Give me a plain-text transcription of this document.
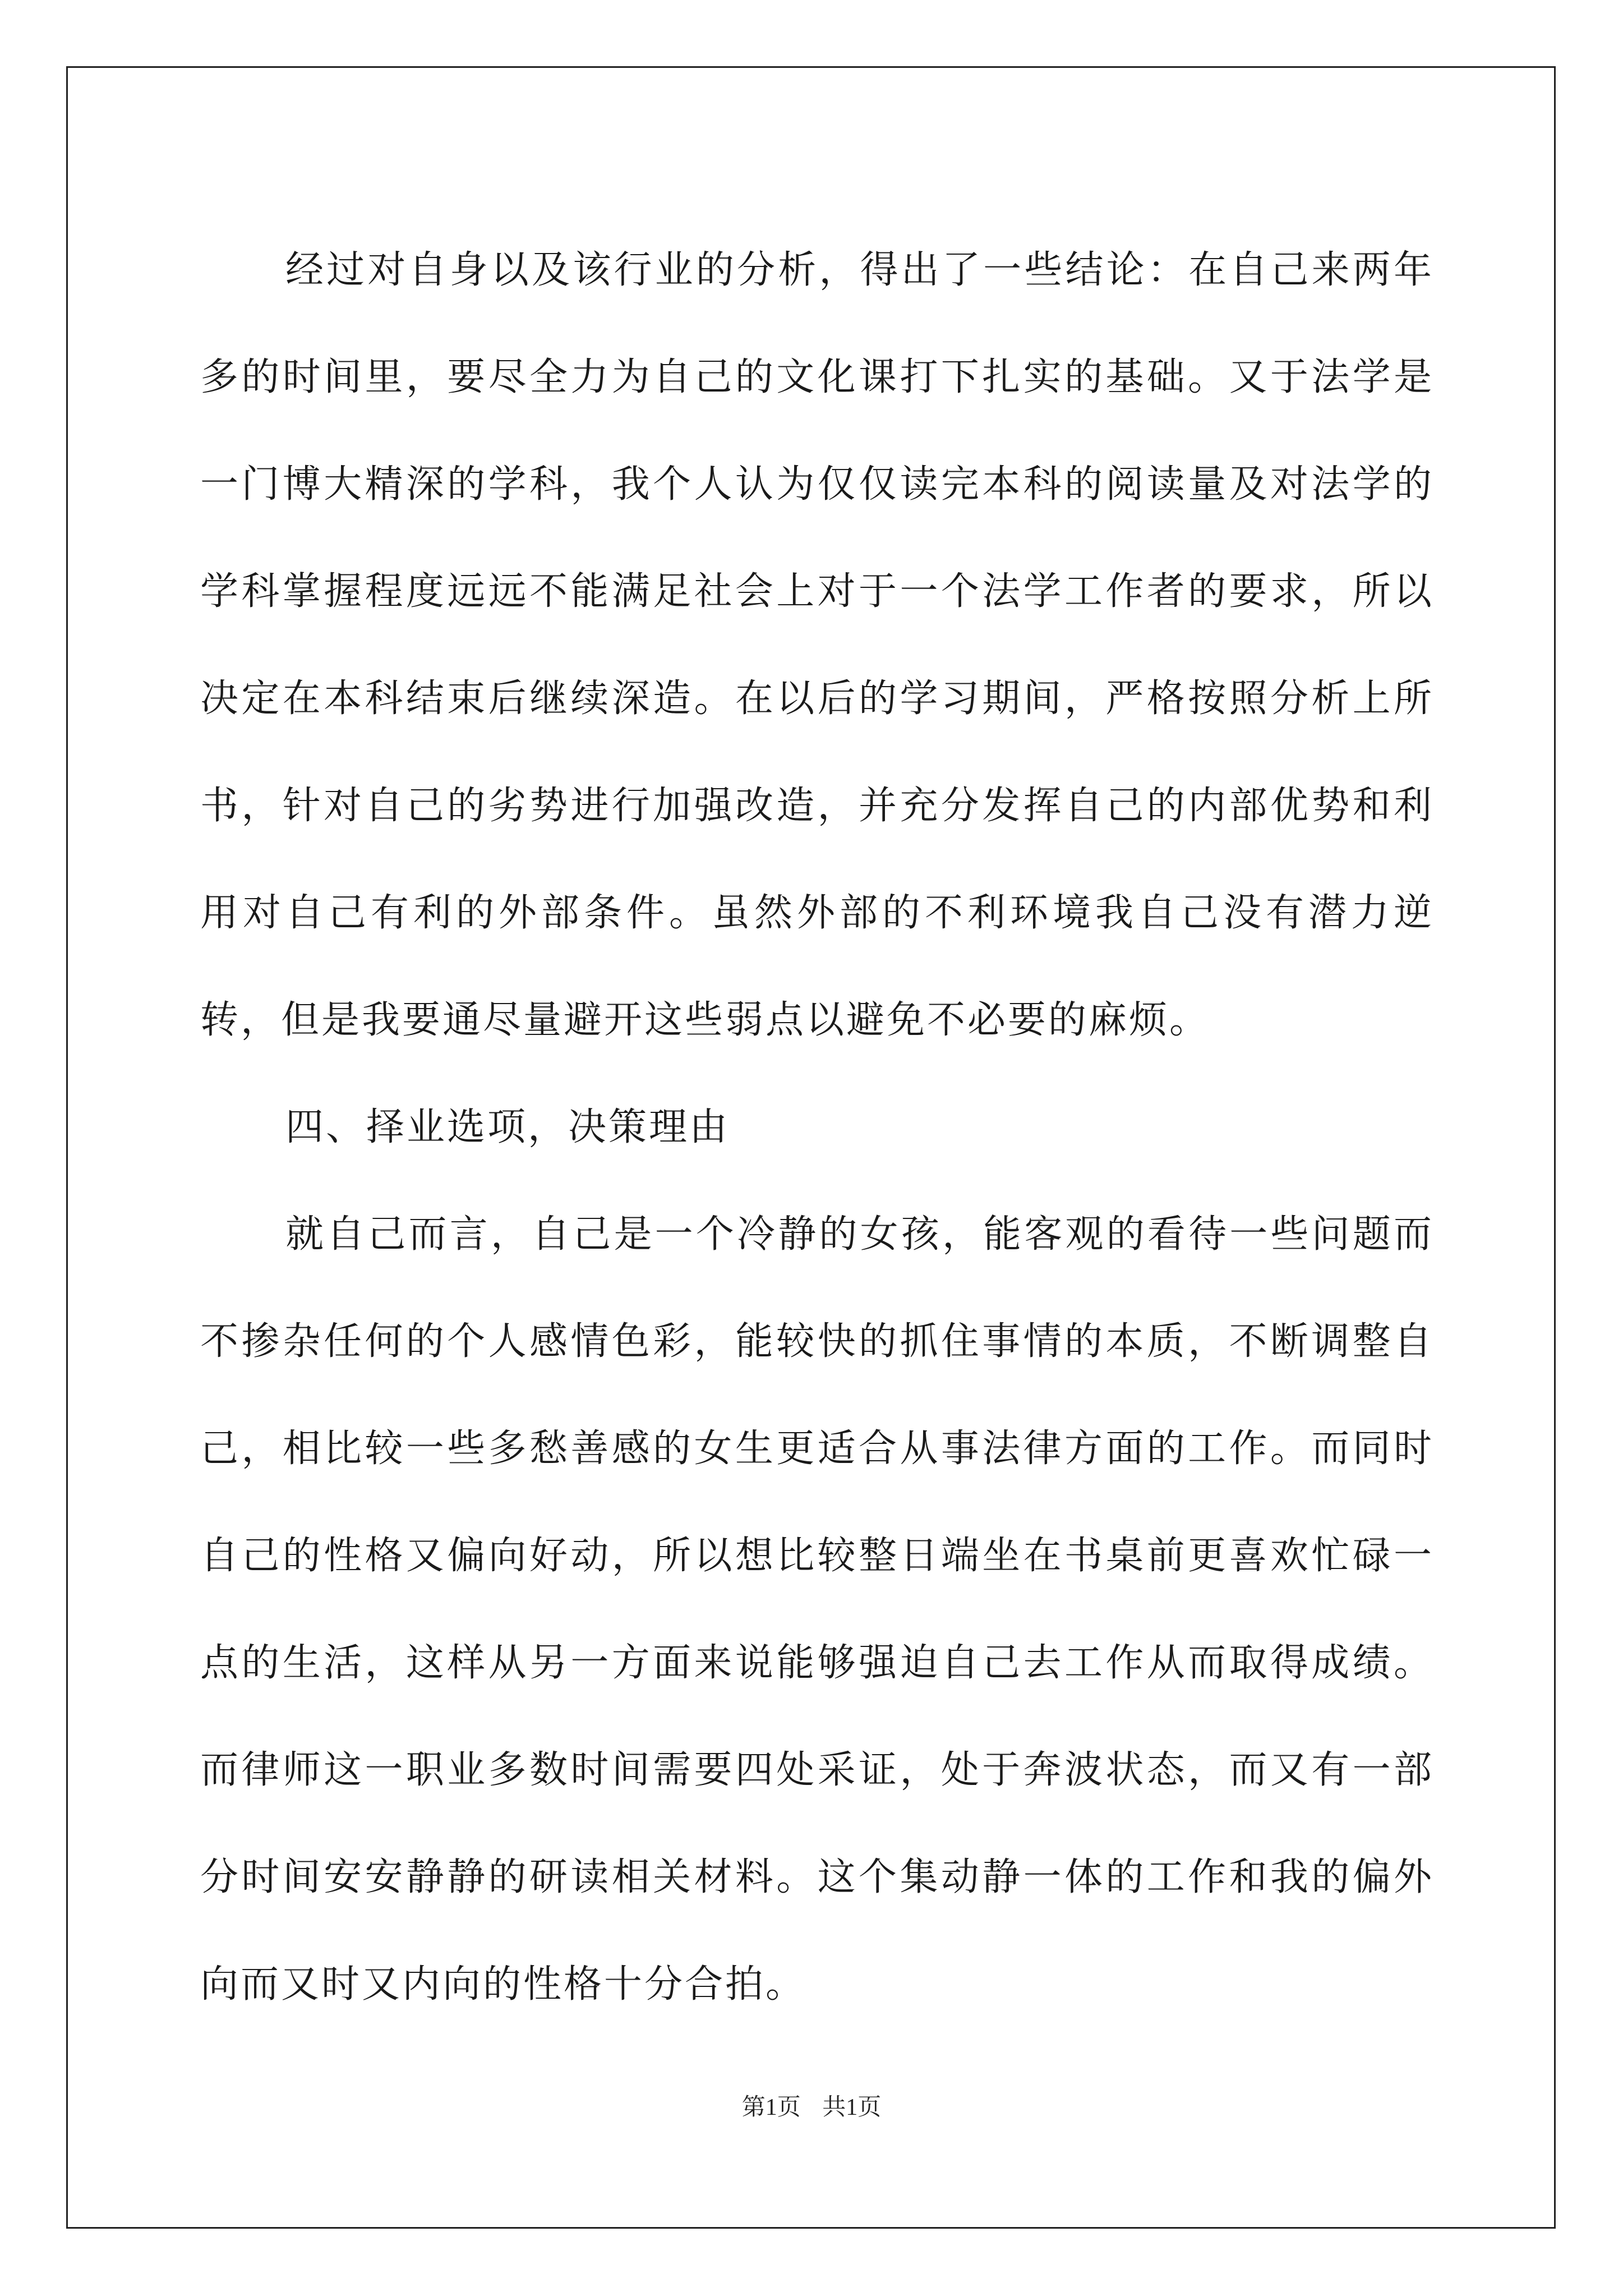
经过对自身以及该行业的分析，得出了一些结论：在自己来两年多的时间里，要尽全力为自己的文化课打下扎实的基础。又于法学是一门博大精深的学科，我个人认为仅仅读完本科的阅读量及对法学的学科掌握程度远远不能满足社会上对于一个法学工作者的要求，所以决定在本科结束后继续深造。在以后的学习期间，严格按照分析上所书，针对自己的劣势进行加强改造，并充分发挥自己的内部优势和利用对自己有利的外部条件。虽然外部的不利环境我自己没有潜力逆转，但是我要通尽量避开这些弱点以避免不必要的麻烦。

四、择业选项，决策理由

就自己而言，自己是一个冷静的女孩，能客观的看待一些问题而不掺杂任何的个人感情色彩，能较快的抓住事情的本质，不断调整自己，相比较一些多愁善感的女生更适合从事法律方面的工作。而同时自己的性格又偏向好动，所以想比较整日端坐在书桌前更喜欢忙碌一点的生活，这样从另一方面来说能够强迫自己去工作从而取得成绩。而律师这一职业多数时间需要四处采证，处于奔波状态，而又有一部分时间安安静静的研读相关材料。这个集动静一体的工作和我的偏外向而又时又内向的性格十分合拍。

第1页 共1页
